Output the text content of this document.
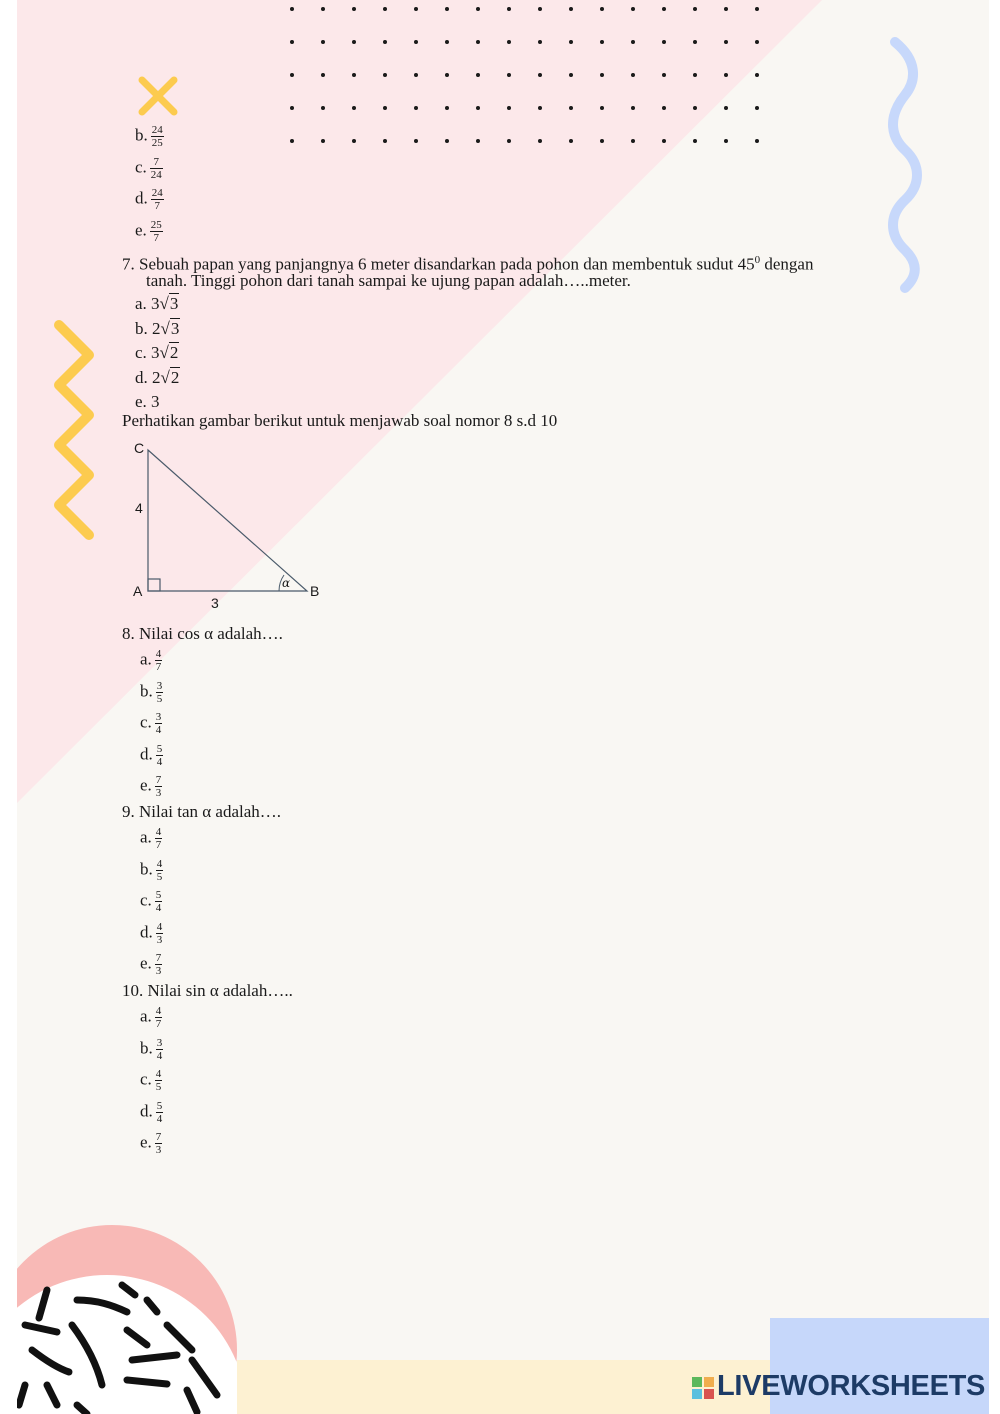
b. $\frac{24}{25}$
c. $\frac{7}{24}$
d. $\frac{24}{7}$
e. $\frac{25}{7}$
7. Sebuah papan yang panjangnya 6 meter disandarkan pada pohon dan membentuk sudut $45^0$ dengan
tanah. Tinggi pohon dari tanah sampai ke ujung papan adalah…..meter.
a. 3√3
b. 2√3
c. 3√2
d. 2√2
e. 3
Perhatikan gambar berikut untuk menjawab soal nomor 8 s.d 10
C
4
A	B
3
α
8. Nilai cos α adalah….
a. $\frac{4}{7}$
b. $\frac{3}{5}$
c. $\frac{3}{4}$
d. $\frac{5}{4}$
e. $\frac{7}{3}$
9. Nilai tan α adalah….
a. $\frac{4}{7}$
b. $\frac{4}{5}$
c. $\frac{5}{4}$
d. $\frac{4}{3}$
e. $\frac{7}{3}$
10. Nilai sin α adalah…..
a. $\frac{4}{7}$
b. $\frac{3}{4}$
c. $\frac{4}{5}$
d. $\frac{5}{4}$
e. $\frac{7}{3}$
LIVEWORKSHEETS
